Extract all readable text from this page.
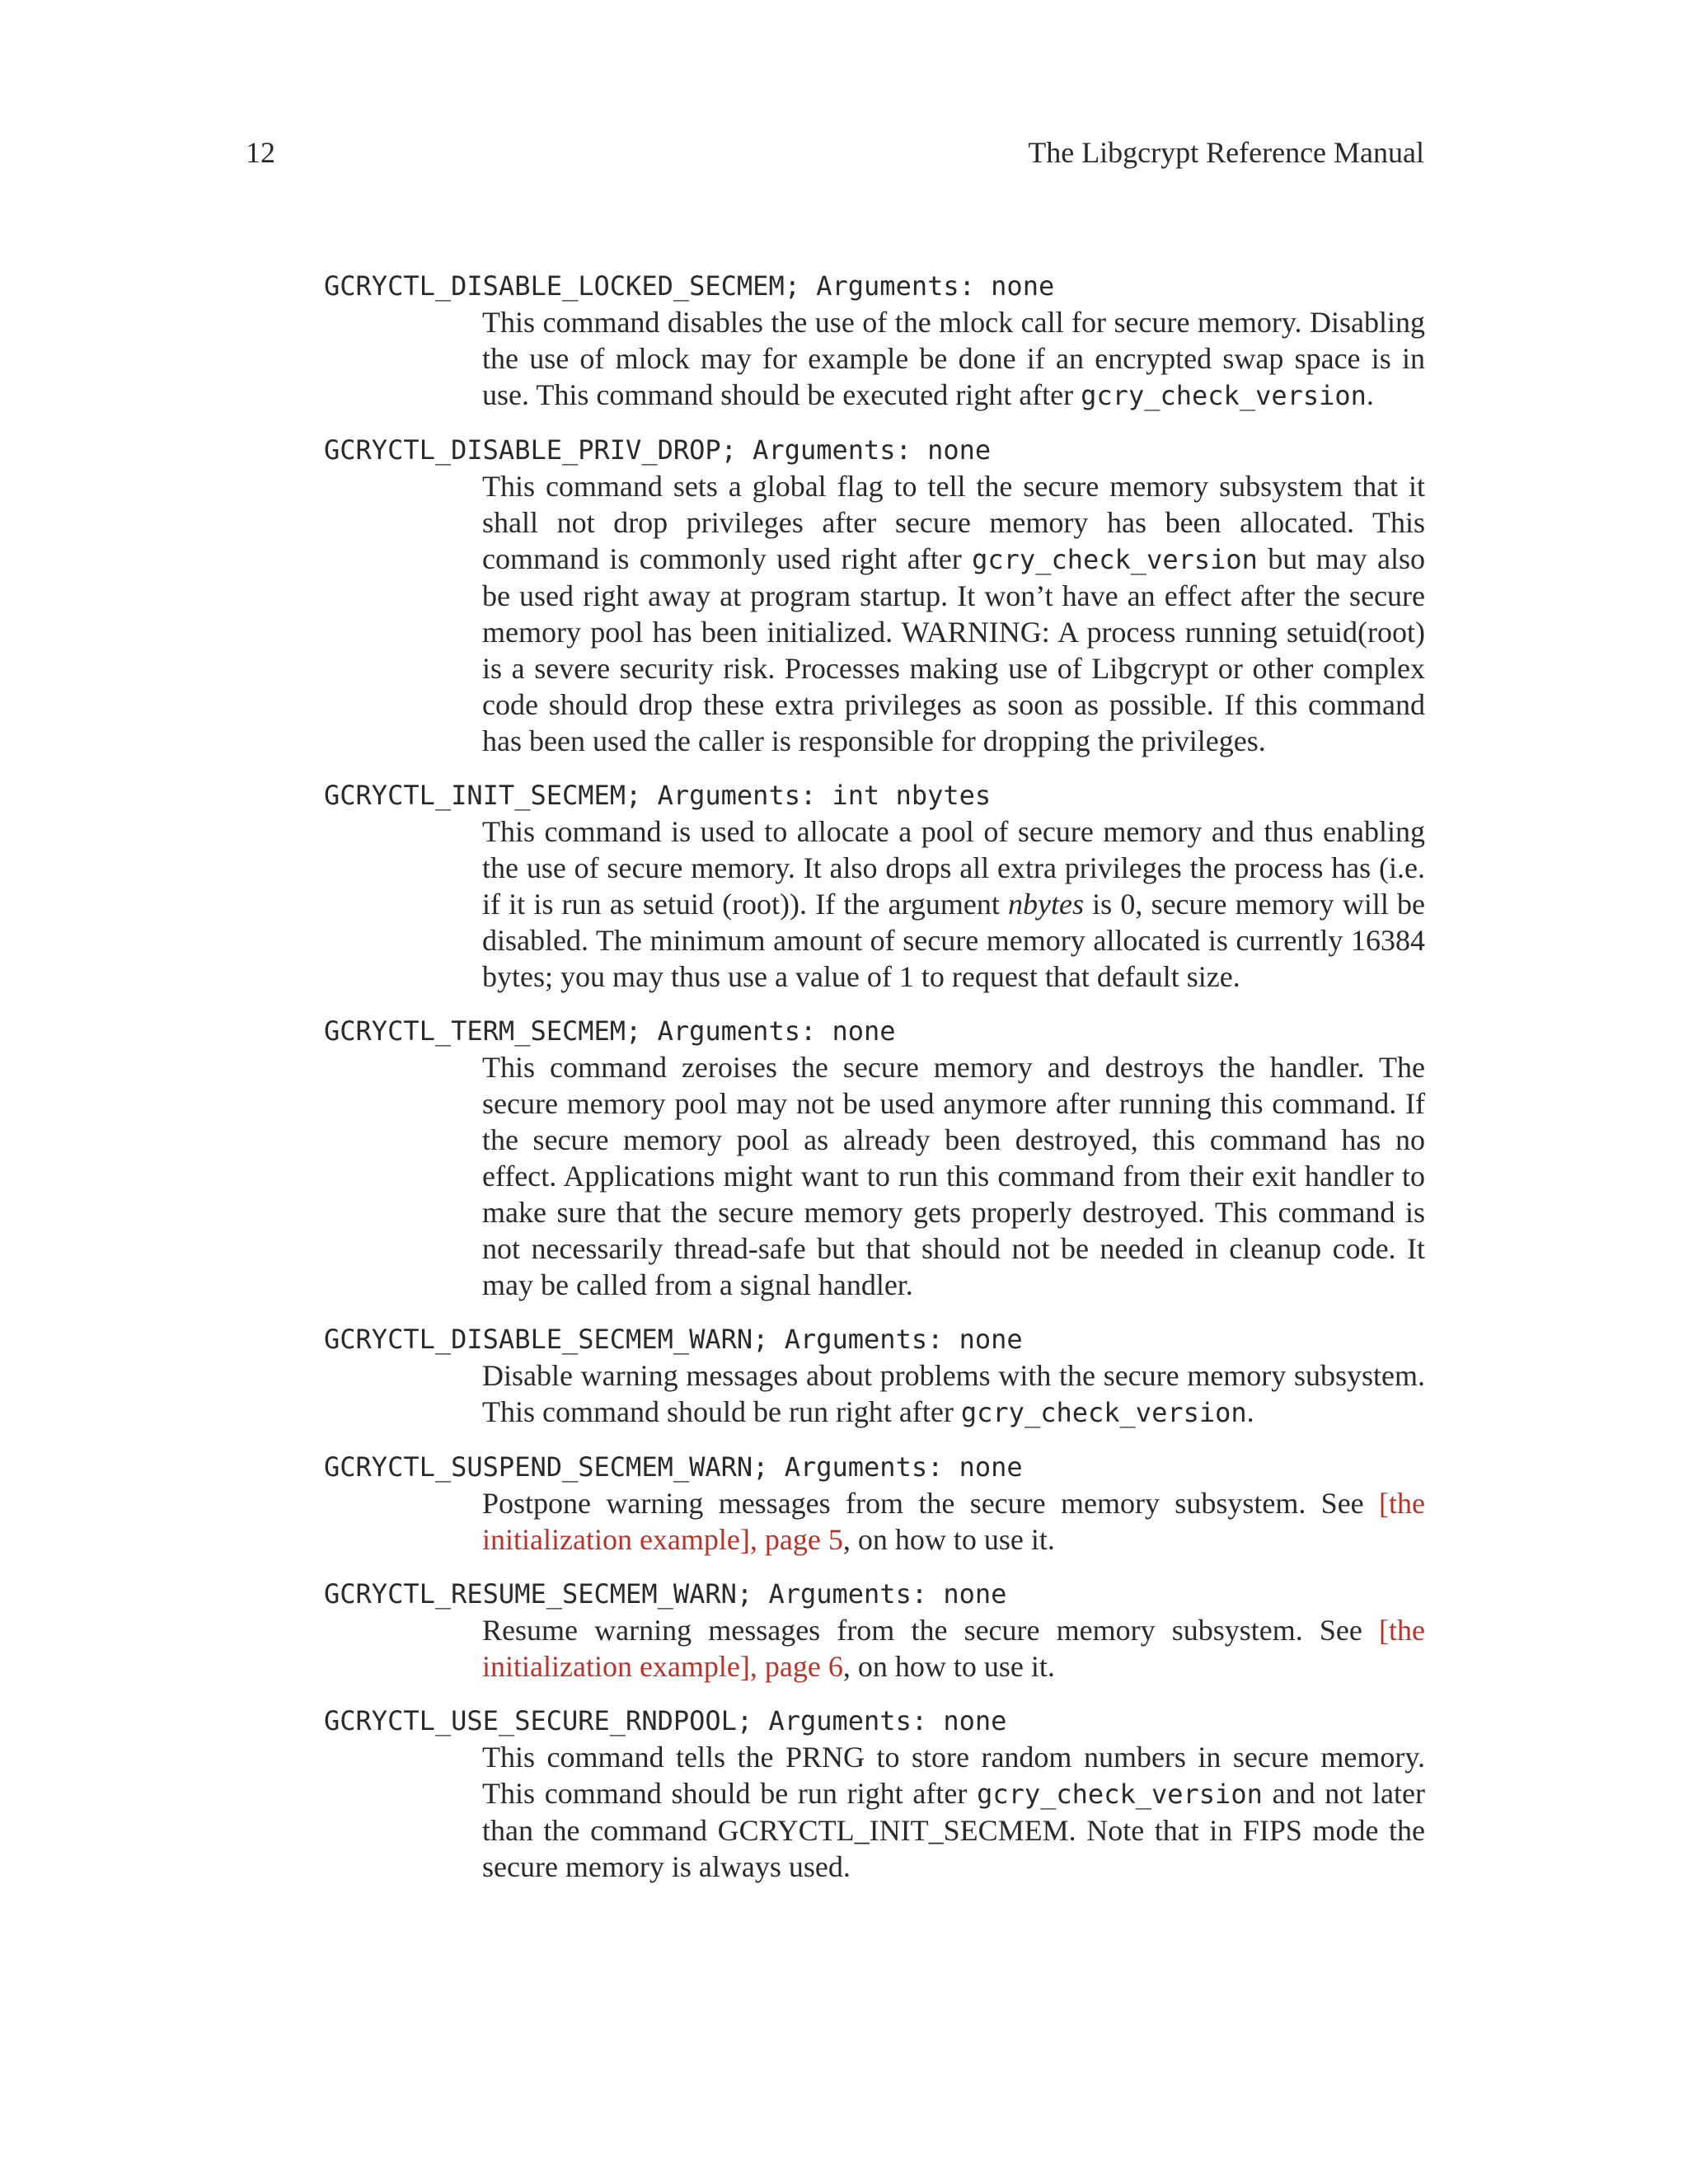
12	The Libgcrypt Reference Manual
GCRYCTL_DISABLE_LOCKED_SECMEM; Arguments: none
This command disables the use of the mlock call for secure memory. Disabling the use of mlock may for example be done if an encrypted swap space is in use. This command should be executed right after gcry_check_version.
GCRYCTL_DISABLE_PRIV_DROP; Arguments: none
This command sets a global flag to tell the secure memory subsystem that it shall not drop privileges after secure memory has been allocated. This command is commonly used right after gcry_check_version but may also be used right away at program startup. It won’t have an effect after the secure memory pool has been initialized. WARNING: A process running setuid(root) is a severe security risk. Processes making use of Libgcrypt or other complex code should drop these extra privileges as soon as possible. If this command has been used the caller is responsible for dropping the privileges.
GCRYCTL_INIT_SECMEM; Arguments: int nbytes
This command is used to allocate a pool of secure memory and thus enabling the use of secure memory. It also drops all extra privileges the process has (i.e. if it is run as setuid (root)). If the argument nbytes is 0, secure memory will be disabled. The minimum amount of secure memory allocated is currently 16384 bytes; you may thus use a value of 1 to request that default size.
GCRYCTL_TERM_SECMEM; Arguments: none
This command zeroises the secure memory and destroys the handler. The secure memory pool may not be used anymore after running this command. If the secure memory pool as already been destroyed, this command has no effect. Applications might want to run this command from their exit handler to make sure that the secure memory gets properly destroyed. This command is not necessarily thread-safe but that should not be needed in cleanup code. It may be called from a signal handler.
GCRYCTL_DISABLE_SECMEM_WARN; Arguments: none
Disable warning messages about problems with the secure memory subsystem. This command should be run right after gcry_check_version.
GCRYCTL_SUSPEND_SECMEM_WARN; Arguments: none
Postpone warning messages from the secure memory subsystem. See [the initialization example], page 5, on how to use it.
GCRYCTL_RESUME_SECMEM_WARN; Arguments: none
Resume warning messages from the secure memory subsystem. See [the initialization example], page 6, on how to use it.
GCRYCTL_USE_SECURE_RNDPOOL; Arguments: none
This command tells the PRNG to store random numbers in secure memory. This command should be run right after gcry_check_version and not later than the command GCRYCTL_INIT_SECMEM. Note that in FIPS mode the secure memory is always used.
